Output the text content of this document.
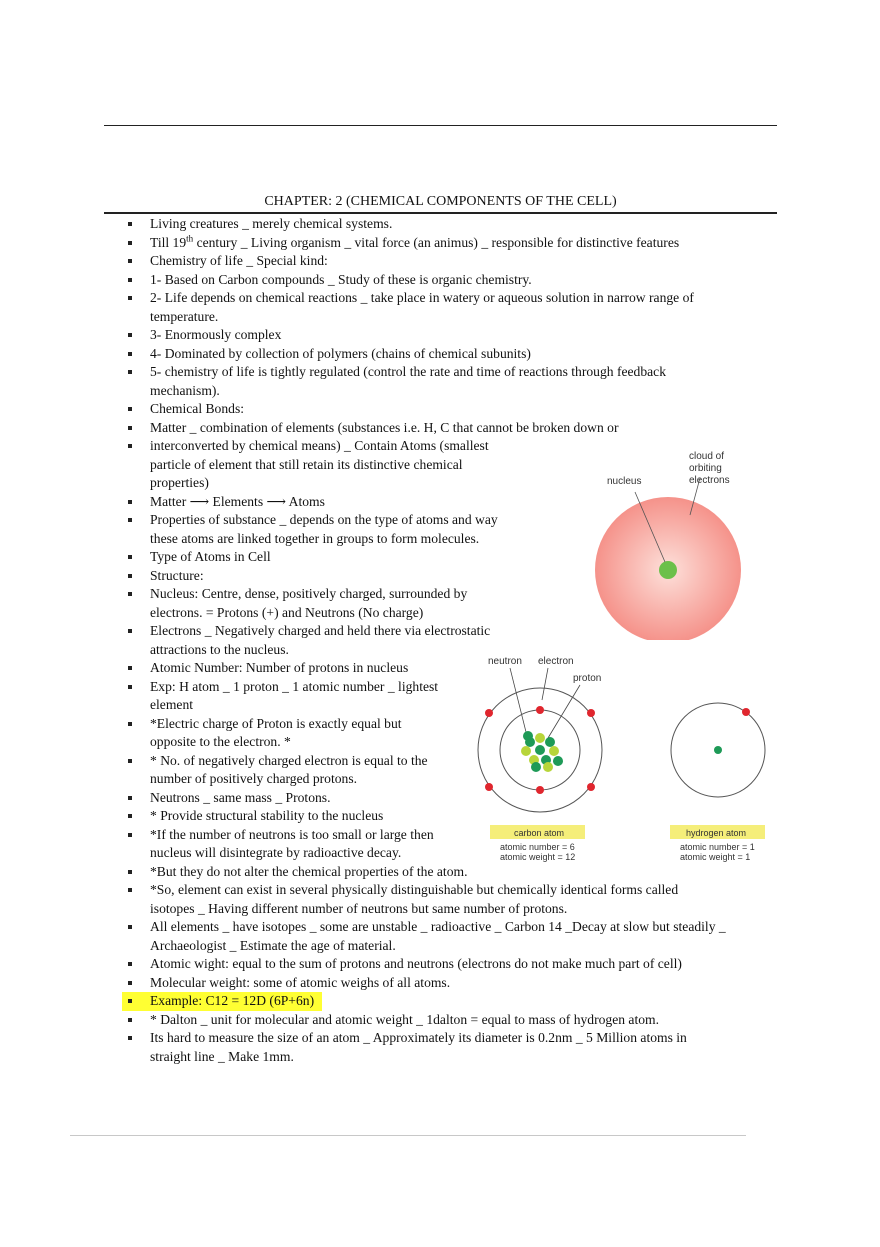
CHAPTER: 2 (CHEMICAL COMPONENTS OF THE CELL)
Living creatures _ merely chemical systems.
Till 19th century _ Living organism _ vital force (an animus) _ responsible for distinctive features
Chemistry of life _ Special kind:
1- Based on Carbon compounds _ Study of these is organic chemistry.
2- Life depends on chemical reactions _ take place in watery or aqueous solution in narrow range of temperature.
3- Enormously complex
4- Dominated by collection of polymers (chains of chemical subunits)
5- chemistry of life is tightly regulated (control the rate and time of reactions through feedback mechanism).
Chemical Bonds:
Matter _ combination of elements (substances i.e. H, C that cannot be broken down or
interconverted by chemical means) _ Contain Atoms (smallest particle of element that still retain its distinctive chemical properties)
Matter ⟶ Elements ⟶ Atoms
Properties of substance _ depends on the type of atoms and way these atoms are linked together in groups to form molecules.
Type of Atoms in Cell
Structure:
Nucleus: Centre, dense, positively charged, surrounded by electrons. = Protons (+) and Neutrons (No charge)
Electrons _ Negatively charged and held there via electrostatic attractions to the nucleus.
Atomic Number: Number of protons in nucleus
Exp: H atom _ 1 proton _ 1 atomic number _ lightest element
*Electric charge of Proton is exactly equal but opposite to the electron. *
* No. of negatively charged electron is equal to the number of positively charged protons.
Neutrons _ same mass _ Protons.
* Provide structural stability to the nucleus
*If the number of neutrons is too small or large then nucleus will disintegrate by radioactive decay.
*But they do not alter the chemical properties of the atom.
*So, element can exist in several physically distinguishable but chemically identical forms called isotopes _ Having different number of neutrons but same number of protons.
All elements _ have isotopes _ some are unstable _ radioactive _ Carbon 14 _Decay at slow but steadily _ Archaeologist _ Estimate the age of material.
Atomic wight: equal to the sum of protons and neutrons (electrons do not make much part of cell)
Molecular weight: some of atomic weighs of all atoms.
Example: C12 = 12D (6P+6n)
* Dalton _ unit for molecular and atomic weight _ 1dalton = equal to mass of hydrogen atom.
Its hard to measure the size of an atom _ Approximately its diameter is 0.2nm _ 5 Million atoms in straight line _ Make 1mm.
nucleus
cloud of
orbiting
electrons
neutron electron
proton
carbon atom
atomic number = 6
atomic weight = 12
hydrogen atom
atomic number = 1
atomic weight = 1
